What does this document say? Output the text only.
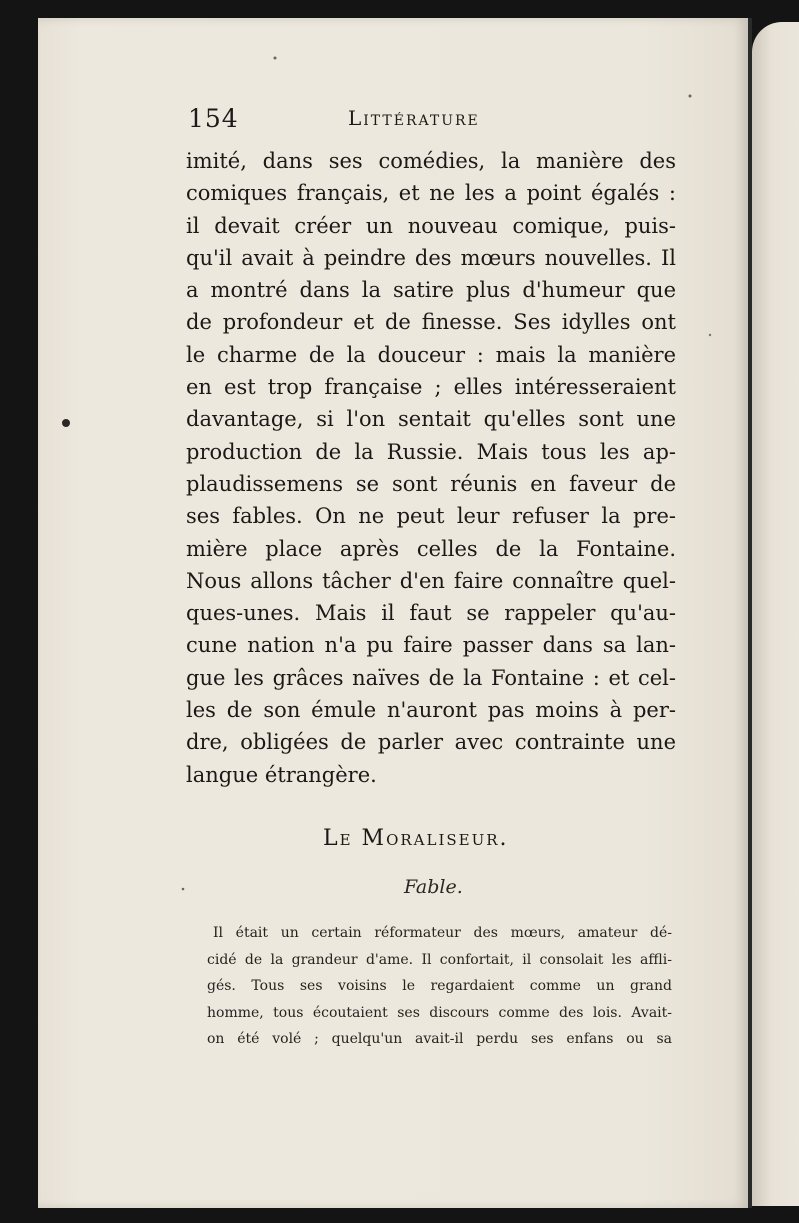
154	Littérature
imité, dans ses comédies, la manière des
comiques français, et ne les a point égalés :
il devait créer un nouveau comique, puis-
qu'il avait à peindre des mœurs nouvelles. Il
a montré dans la satire plus d'humeur que
de profondeur et de finesse. Ses idylles ont
le charme de la douceur : mais la manière
en est trop française ; elles intéresseraient
davantage, si l'on sentait qu'elles sont une
production de la Russie. Mais tous les ap-
plaudissemens se sont réunis en faveur de
ses fables. On ne peut leur refuser la pre-
mière place après celles de la Fontaine.
Nous allons tâcher d'en faire connaître quel-
ques-unes. Mais il faut se rappeler qu'au-
cune nation n'a pu faire passer dans sa lan-
gue les grâces naïves de la Fontaine : et cel-
les de son émule n'auront pas moins à per-
dre, obligées de parler avec contrainte une
langue étrangère.
Le Moraliseur.
Fable.
Il était un certain réformateur des mœurs, amateur dé-
cidé de la grandeur d'ame. Il confortait, il consolait les affli-
gés. Tous ses voisins le regardaient comme un grand
homme, tous écoutaient ses discours comme des lois. Avait-
on été volé ; quelqu'un avait-il perdu ses enfans ou sa
